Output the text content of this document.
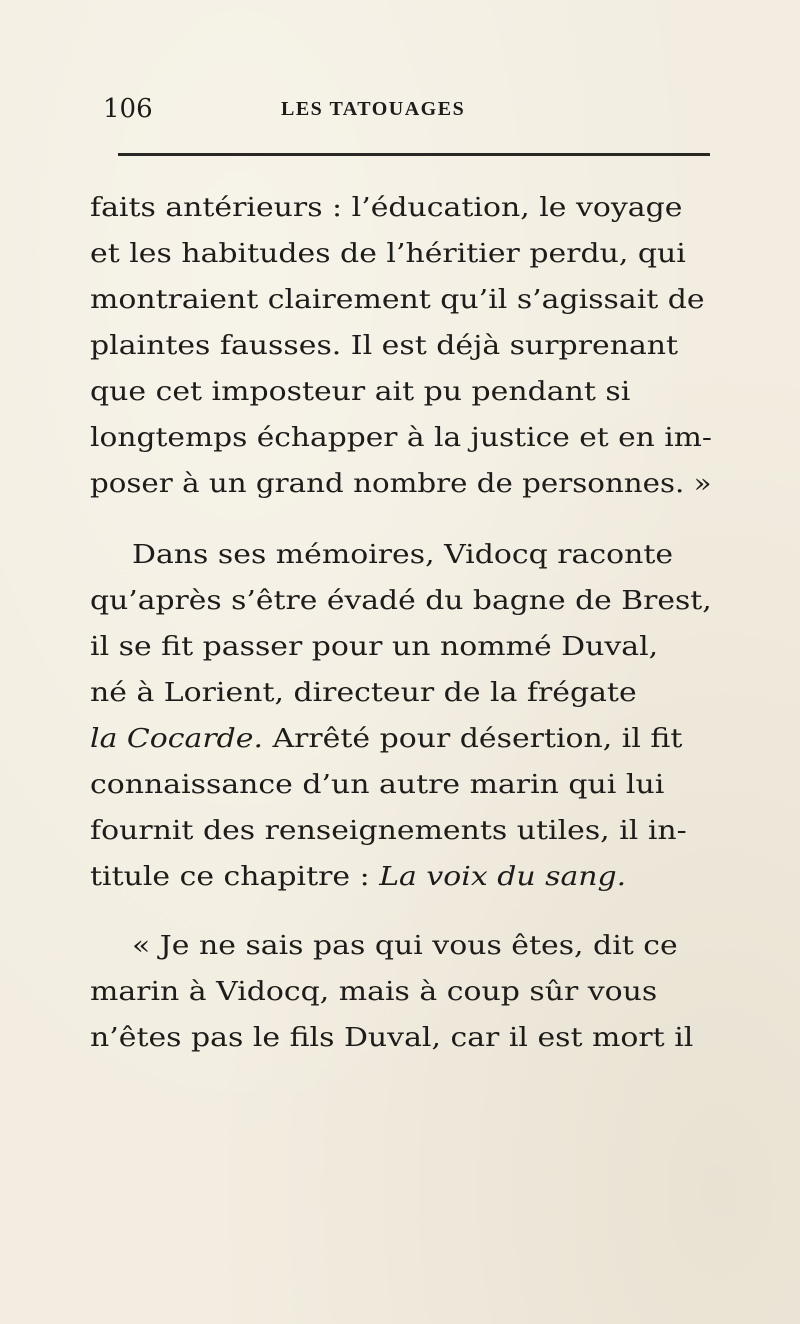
106	LES TATOUAGES
faits antérieurs : l’éducation, le voyage
et les habitudes de l’héritier perdu, qui
montraient clairement qu’il s’agissait de
plaintes fausses. Il est déjà surprenant
que cet imposteur ait pu pendant si
longtemps échapper à la justice et en im-
poser à un grand nombre de personnes. »
Dans ses mémoires, Vidocq raconte
qu’après s’être évadé du bagne de Brest,
il se fit passer pour un nommé Duval,
né à Lorient, directeur de la frégate
la Cocarde. Arrêté pour désertion, il fit
connaissance d’un autre marin qui lui
fournit des renseignements utiles, il in-
titule ce chapitre : La voix du sang.
« Je ne sais pas qui vous êtes, dit ce
marin à Vidocq, mais à coup sûr vous
n’êtes pas le fils Duval, car il est mort il
